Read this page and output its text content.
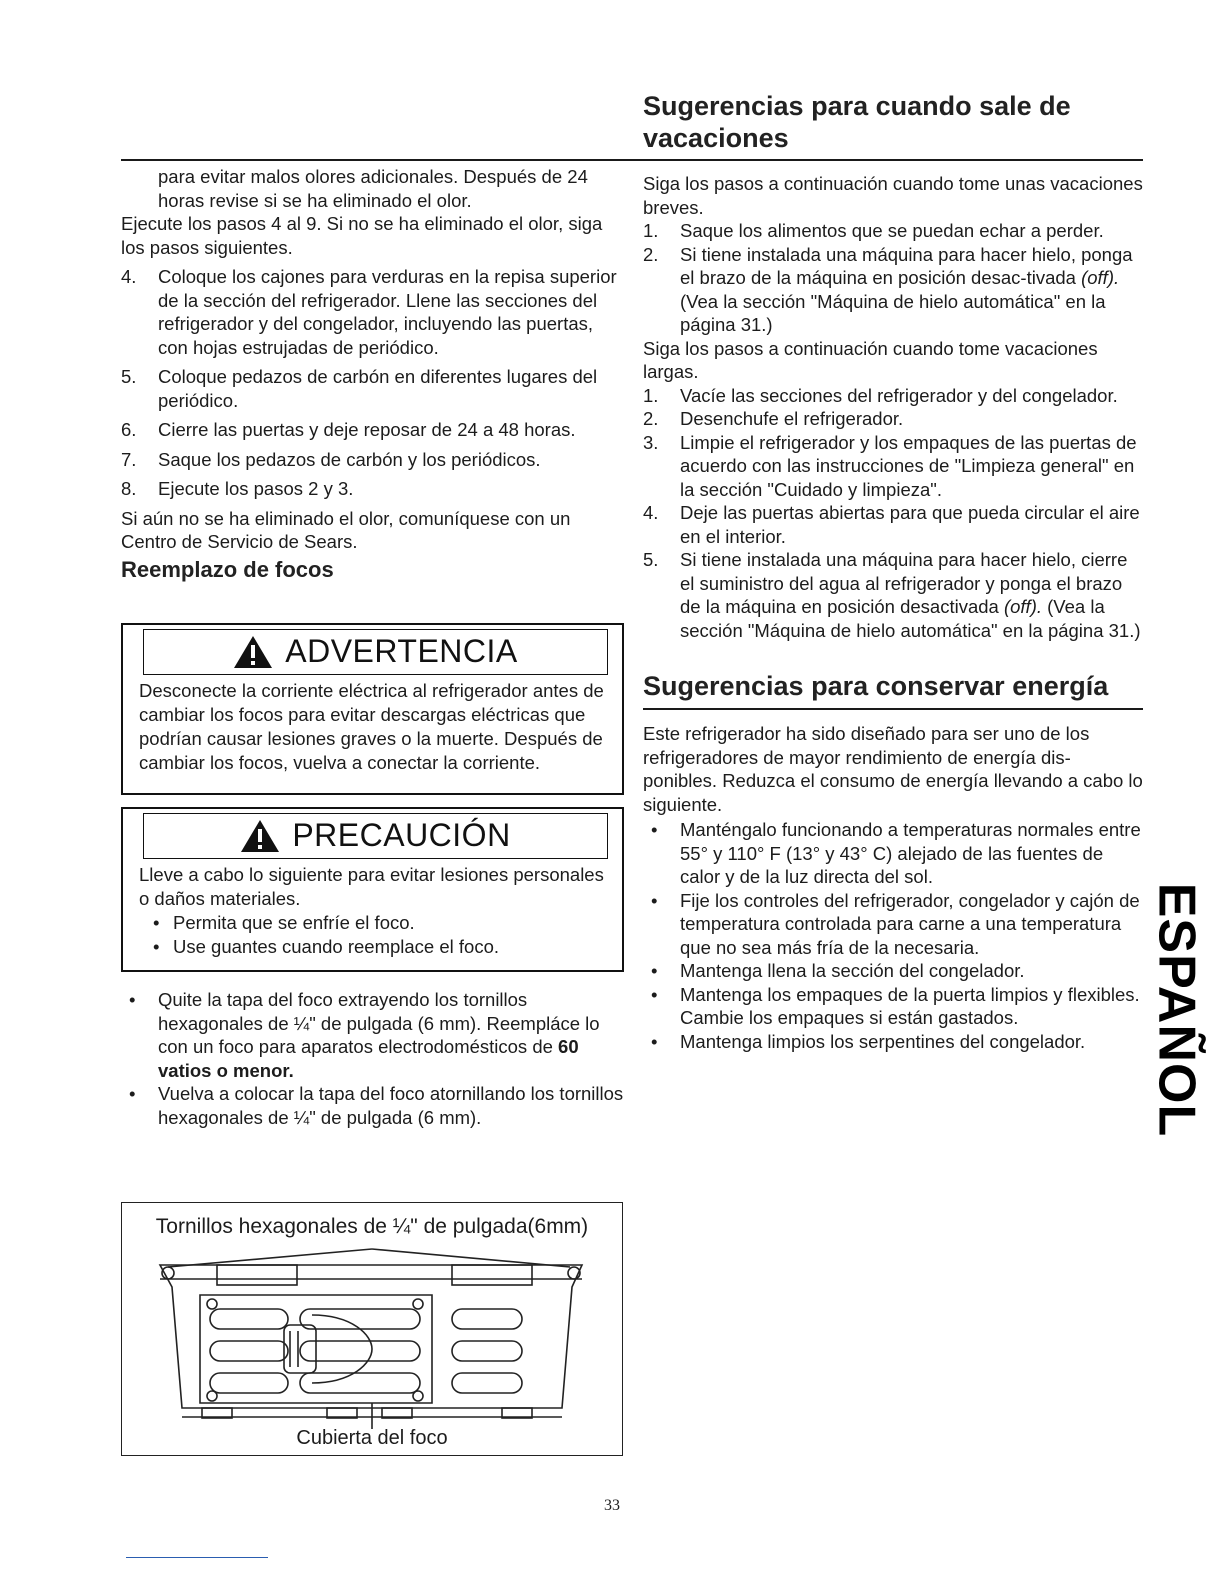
Sugerencias para cuando sale de vacaciones

para evitar malos olores adicionales. Después de 24 horas revise si se ha eliminado el olor.

Ejecute los pasos 4 al 9. Si no se ha eliminado el olor, siga los pasos siguientes.

4. Coloque los cajones para verduras en la repisa superior de la sección del refrigerador. Llene las secciones del refrigerador y del congelador, incluyendo las puertas, con hojas estrujadas de periódico.
5. Coloque pedazos de carbón en diferentes lugares del periódico.
6. Cierre las puertas y deje reposar de 24 a 48 horas.
7. Saque los pedazos de carbón y los periódicos.
8. Ejecute los pasos 2 y 3.

Si aún no se ha eliminado el olor, comuníquese con un Centro de Servicio de Sears.

Reemplazo de focos
ADVERTENCIA

Desconecte la corriente eléctrica al refrigerador antes de cambiar los focos para evitar descargas eléctricas que podrían causar lesiones graves o la muerte. Después de cambiar los focos, vuelva a conectar la corriente.

PRECAUCIÓN

Lleve a cabo lo siguiente para evitar lesiones personales o daños materiales.

• Permita que se enfríe el foco.
• Use guantes cuando reemplace el foco.
• Quite la tapa del foco extrayendo los tornillos hexagonales de ¼" de pulgada (6 mm). Reempláce lo con un foco para aparatos electrodomésticos de 60 vatios o menor.
• Vuelva a colocar la tapa del foco atornillando los tornillos hexagonales de ¼" de pulgada (6 mm).
Tornillos hexagonales de ¼" de pulgada(6mm)
Cubierta del foco

Siga los pasos a continuación cuando tome unas vacaciones breves.

1. Saque los alimentos que se puedan echar a perder.
2. Si tiene instalada una máquina para hacer hielo, ponga el brazo de la máquina en posición desac-tivada (off). (Vea la sección "Máquina de hielo automática" en la página 31.)

Siga los pasos a continuación cuando tome vacaciones largas.

1. Vacíe las secciones del refrigerador y del congelador.
2. Desenchufe el refrigerador.
3. Limpie el refrigerador y los empaques de las puertas de acuerdo con las instrucciones de "Limpieza general" en la sección "Cuidado y limpieza".
4. Deje las puertas abiertas para que pueda circular el aire en el interior.
5. Si tiene instalada una máquina para hacer hielo, cierre el suministro del agua al refrigerador y ponga el brazo de la máquina en posición desactivada (off). (Vea la sección "Máquina de hielo automática" en la página 31.)
Sugerencias para conservar energía

Este refrigerador ha sido diseñado para ser uno de los refrigeradores de mayor rendimiento de energía dis-ponibles. Reduzca el consumo de energía llevando a cabo lo siguiente.

• Manténgalo funcionando a temperaturas normales entre 55° y 110° F (13° y 43° C) alejado de las fuentes de calor y de la luz directa del sol.
• Fije los controles del refrigerador, congelador y cajón de temperatura controlada para carne a una temperatura que no sea más fría de la necesaria.
• Mantenga llena la sección del congelador.
• Mantenga los empaques de la puerta limpios y flexibles. Cambie los empaques si están gastados.
• Mantenga limpios los serpentines del congelador.	ESPAÑOL
33
